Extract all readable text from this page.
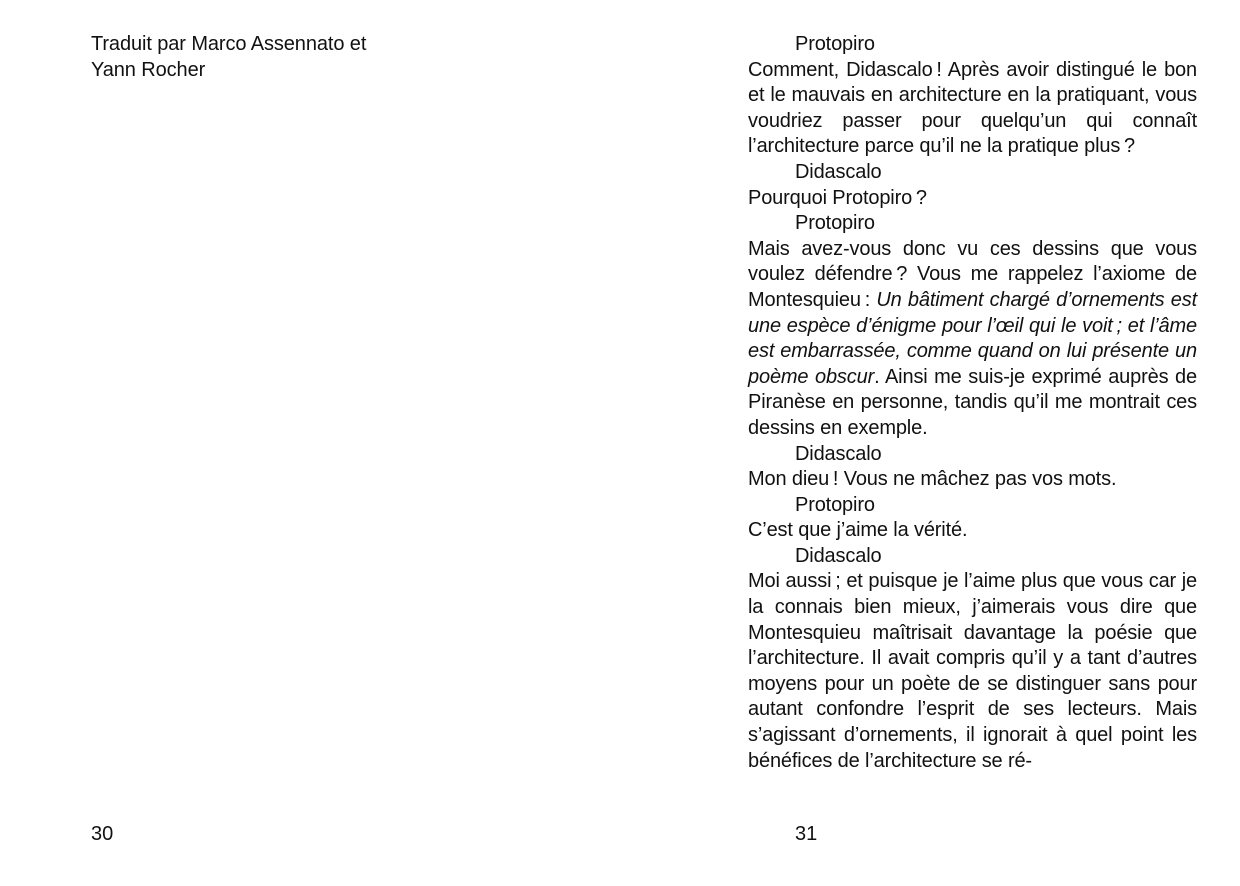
Traduit par Marco Assennato et
Yann Rocher
30
Protopiro
Comment, Didascalo ! Après avoir distingué le bon et le mauvais en architecture en la pratiquant, vous voudriez passer pour quelqu’un qui connaît l’architecture parce qu’il ne la pratique plus ?
Didascalo
Pourquoi Protopiro ?
Protopiro
Mais avez-vous donc vu ces dessins que vous voulez défendre ? Vous me rappelez l’axiome de Montesquieu : Un bâtiment chargé d’ornements est une espèce d’énigme pour l’œil qui le voit ; et l’âme est embarrassée, comme quand on lui présente un poème obscur. Ainsi me suis-je exprimé auprès de Piranèse en personne, tandis qu’il me montrait ces dessins en exemple.
Didascalo
Mon dieu ! Vous ne mâchez pas vos mots.
Protopiro
C’est que j’aime la vérité.
Didascalo
Moi aussi ; et puisque je l’aime plus que vous car je la connais bien mieux, j’aimerais vous dire que Montesquieu maîtrisait davantage la poésie que l’architecture. Il avait compris qu’il y a tant d’autres moyens pour un poète de se distinguer sans pour autant confondre l’esprit de ses lecteurs. Mais s’agissant d’ornements, il ignorait à quel point les bénéfices de l’architecture se ré-
31
